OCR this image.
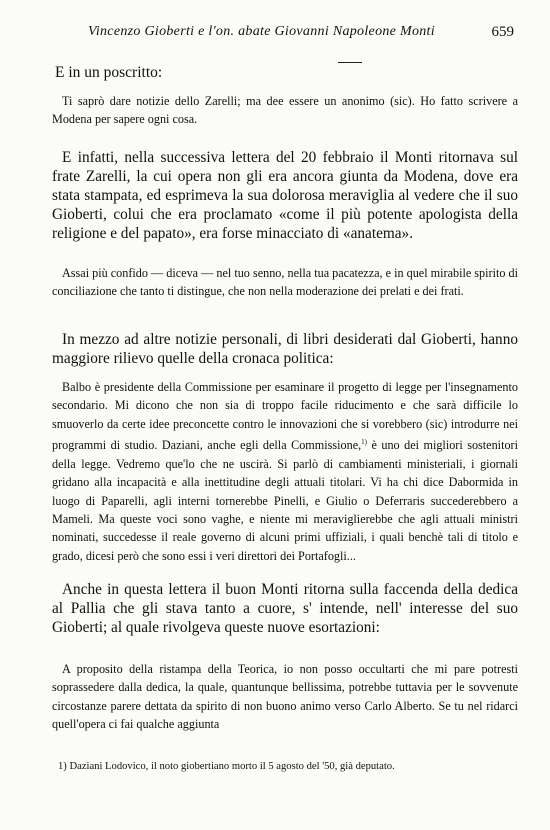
Vincenzo Gioberti e l'on. abate Giovanni Napoleone Monti	659
E in un poscritto:

Ti saprò dare notizie dello Zarelli; ma dee essere un anonimo (sic). Ho fatto scrivere a Modena per sapere ogni cosa.

E infatti, nella successiva lettera del 20 febbraio il Monti ritornava sul frate Zarelli, la cui opera non gli era ancora giunta da Modena, dove era stata stampata, ed esprimeva la sua dolorosa meraviglia al vedere che il suo Gioberti, colui che era proclamato «come il più potente apologista della religione e del papato», era forse minacciato di «anatema».

Assai più confido — diceva — nel tuo senno, nella tua pacatezza, e in quel mirabile spirito di conciliazione che tanto ti distingue, che non nella moderazione dei prelati e dei frati.

In mezzo ad altre notizie personali, di libri desiderati dal Gioberti, hanno maggiore rilievo quelle della cronaca politica:

Balbo è presidente della Commissione per esaminare il progetto di legge per l'insegnamento secondario. Mi dicono che non sia di troppo facile riducimento e che sarà difficile lo smuoverlo da certe idee preconcette contro le innovazioni che si vorebbero (sic) introdurre nei programmi di studio. Daziani, anche egli della Commissione,$^{1)}$ è uno dei migliori sostenitori della legge. Vedremo que'lo che ne uscirà. Si parlò di cambiamenti ministeriali, i giornali gridano alla incapacità e alla inettitudine degli attuali titolari. Vi ha chi dice Dabormida in luogo di Paparelli, agli interni tornerebbe Pinelli, e Giulio o Deferraris succederebbero a Mameli. Ma queste voci sono vaghe, e niente mi meraviglierebbe che agli attuali ministri nominati, succedesse il reale governo di alcuni primi uffiziali, i quali benchè tali di titolo e grado, dicesi però che sono essi i veri direttori dei Portafogli...

Anche in questa lettera il buon Monti ritorna sulla faccenda della dedica al Pallia che gli stava tanto a cuore, s' intende, nell' interesse del suo Gioberti; al quale rivolgeva queste nuove esortazioni:

A proposito della ristampa della Teorica, io non posso occultarti che mi pare potresti soprassedere dalla dedica, la quale, quantunque bellissima, potrebbe tuttavia per le sovvenute circostanze parere dettata da spirito di non buono animo verso Carlo Alberto. Se tu nel ridarci quell'opera ci fai qualche aggiunta

1) Daziani Lodovico, il noto giobertiano morto il 5 agosto del '50, già deputato.
